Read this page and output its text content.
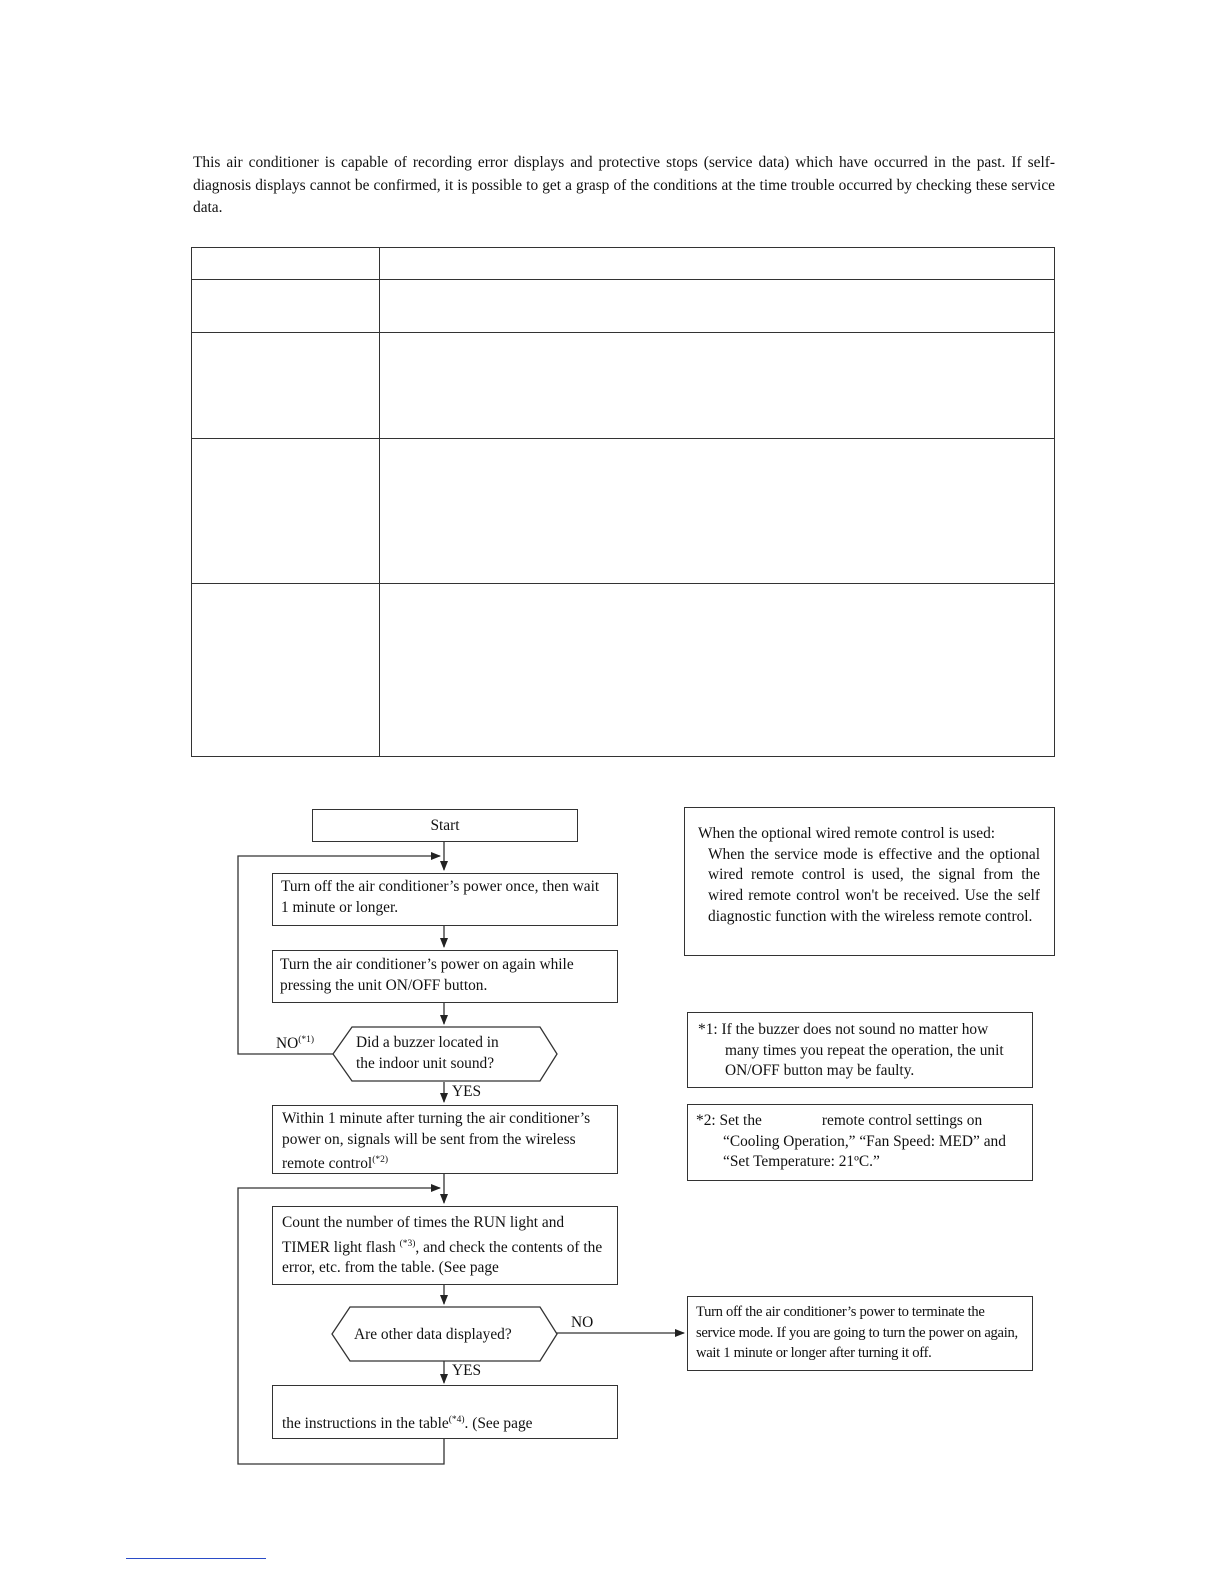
This air conditioner is capable of recording error displays and protective stops (service data) which have occurred in the past. If self-diagnosis displays cannot be confirmed, it is possible to get a grasp of the conditions at the time trouble occurred by checking these service data.

Start
Turn off the air conditioner’s power once, then wait 1 minute or longer.
Turn the air conditioner’s power on again while pressing the unit ON/OFF button.
Did a buzzer located in
the indoor unit sound?
$NO^{(*1)}$
YES
Within 1 minute after turning the air conditioner’s power on, signals will be sent from the wireless remote control$^{(*2)}$
Count the number of times the RUN light and TIMER light flash $^{(*3)}$, and check the contents of the error, etc. from the table. (See page
Are other data displayed?
NO
YES
the instructions in the table$^{(*4)}$. (See page
When the optional wired remote control is used:
When the service mode is effective and the optional wired remote control is used, the signal from the wired remote control won't be received. Use the self diagnostic function with the wireless remote control.
*1: If the buzzer does not sound no matter how many times you repeat the operation, the unit ON/OFF button may be faulty.
*2: Set the	remote control settings on “Cooling Operation,” “Fan Speed: MED” and “Set Temperature: 21ºC.”
Turn off the air conditioner’s power to terminate the service mode. If you are going to turn the power on again, wait 1 minute or longer after turning it off.
